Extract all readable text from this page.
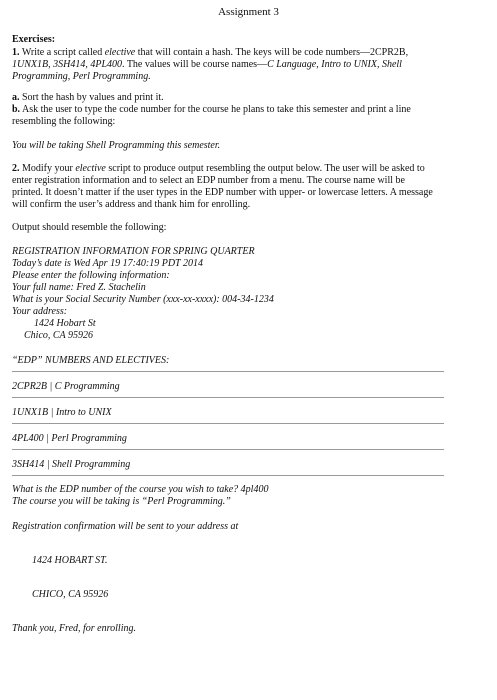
Assignment 3
Exercises:
1. Write a script called elective that will contain a hash. The keys will be code numbers—2CPR2B,
1UNX1B, 3SH414, 4PL400. The values will be course names—C Language, Intro to UNIX, Shell
Programming, Perl Programming.
a. Sort the hash by values and print it.
b. Ask the user to type the code number for the course he plans to take this semester and print a line
resembling the following:
You will be taking Shell Programming this semester.
2. Modify your elective script to produce output resembling the output below. The user will be asked to
enter registration information and to select an EDP number from a menu. The course name will be
printed. It doesn’t matter if the user types in the EDP number with upper- or lowercase letters. A message
will confirm the user’s address and thank him for enrolling.
Output should resemble the following:
REGISTRATION INFORMATION FOR SPRING QUARTER
Today’s date is Wed Apr 19 17:40:19 PDT 2014
Please enter the following information:
Your full name: Fred Z. Stachelin
What is your Social Security Number (xxx-xx-xxxx): 004-34-1234
Your address:
1424 Hobart St
Chico, CA 95926
“EDP” NUMBERS AND ELECTIVES:
2CPR2B | C Programming
1UNX1B | Intro to UNIX
4PL400 | Perl Programming
3SH414 | Shell Programming
What is the EDP number of the course you wish to take? 4pl400
The course you will be taking is “Perl Programming.”
Registration confirmation will be sent to your address at
1424 HOBART ST.
CHICO, CA 95926
Thank you, Fred, for enrolling.
